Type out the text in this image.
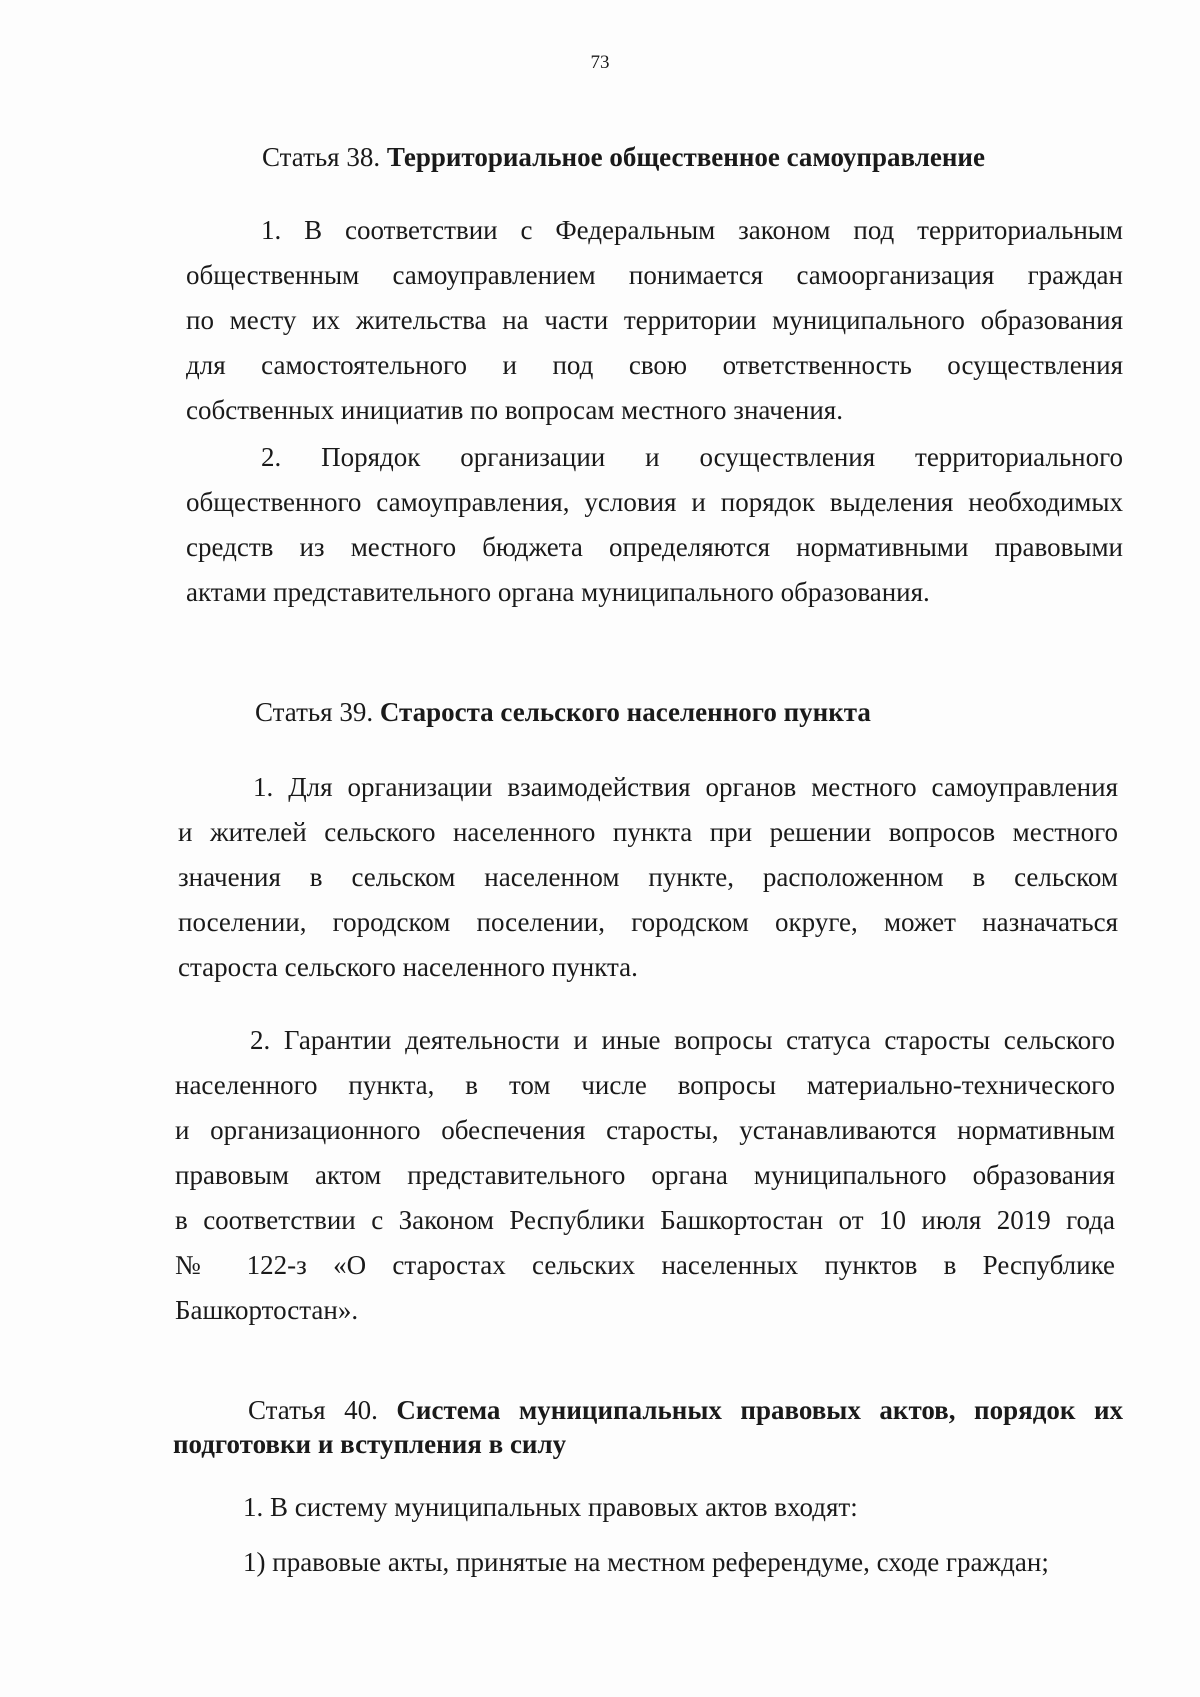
73
Статья 38. Территориальное общественное самоуправление
1. В соответствии с Федеральным законом под территориальным
общественным самоуправлением понимается самоорганизация граждан
по месту их жительства на части территории муниципального образования
для самостоятельного и под свою ответственность осуществления
собственных инициатив по вопросам местного значения.
2. Порядок организации и осуществления территориального
общественного самоуправления, условия и порядок выделения необходимых
средств из местного бюджета определяются нормативными правовыми
актами представительного органа муниципального образования.
Статья 39. Староста сельского населенного пункта
1. Для организации взаимодействия органов местного самоуправления
и жителей сельского населенного пункта при решении вопросов местного
значения в сельском населенном пункте, расположенном в сельском
поселении, городском поселении, городском округе, может назначаться
староста сельского населенного пункта.
2. Гарантии деятельности и иные вопросы статуса старосты сельского
населенного пункта, в том числе вопросы материально-технического
и организационного обеспечения старосты, устанавливаются нормативным
правовым актом представительного органа муниципального образования
в соответствии с Законом Республики Башкортостан от 10 июля 2019 года
№ 122-з «О старостах сельских населенных пунктов в Республике
Башкортостан».
Статья 40. Система муниципальных правовых актов, порядок их
подготовки и вступления в силу
1. В систему муниципальных правовых актов входят:
1) правовые акты, принятые на местном референдуме, сходе граждан;
